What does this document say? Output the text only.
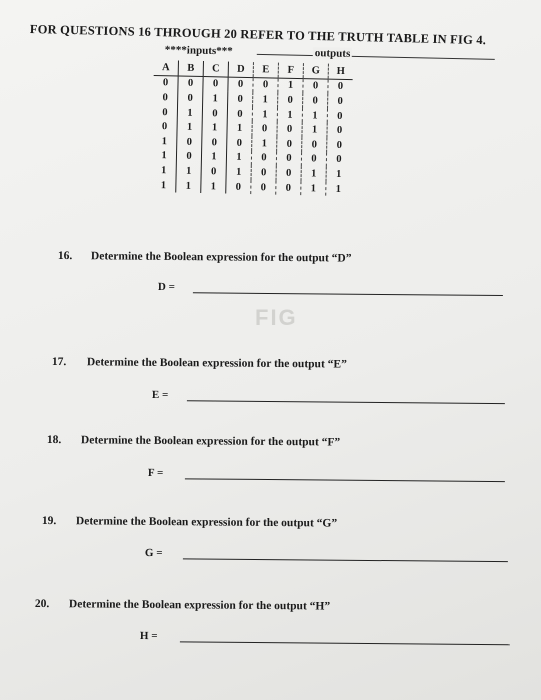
FOR QUESTIONS 16 THROUGH 20 REFER TO THE TRUTH TABLE IN FIG 4.
****inputs***	outputs
A	B	C	D	E	F	G	H
0	0	0	0	0	1	0	0
0	0	1	0	1	0	0	0
0	1	0	0	1	1	1	0
0	1	1	1	0	0	1	0
1	0	0	0	1	0	0	0
1	0	1	1	0	0	0	0
1	1	0	1	0	0	1	1
1	1	1	0	0	0	1	1
FIG
16. Determine the Boolean expression for the output “D”
D =
17. Determine the Boolean expression for the output “E”
E =
18. Determine the Boolean expression for the output “F”
F =
19. Determine the Boolean expression for the output “G”
G =
20. Determine the Boolean expression for the output “H”
H =
